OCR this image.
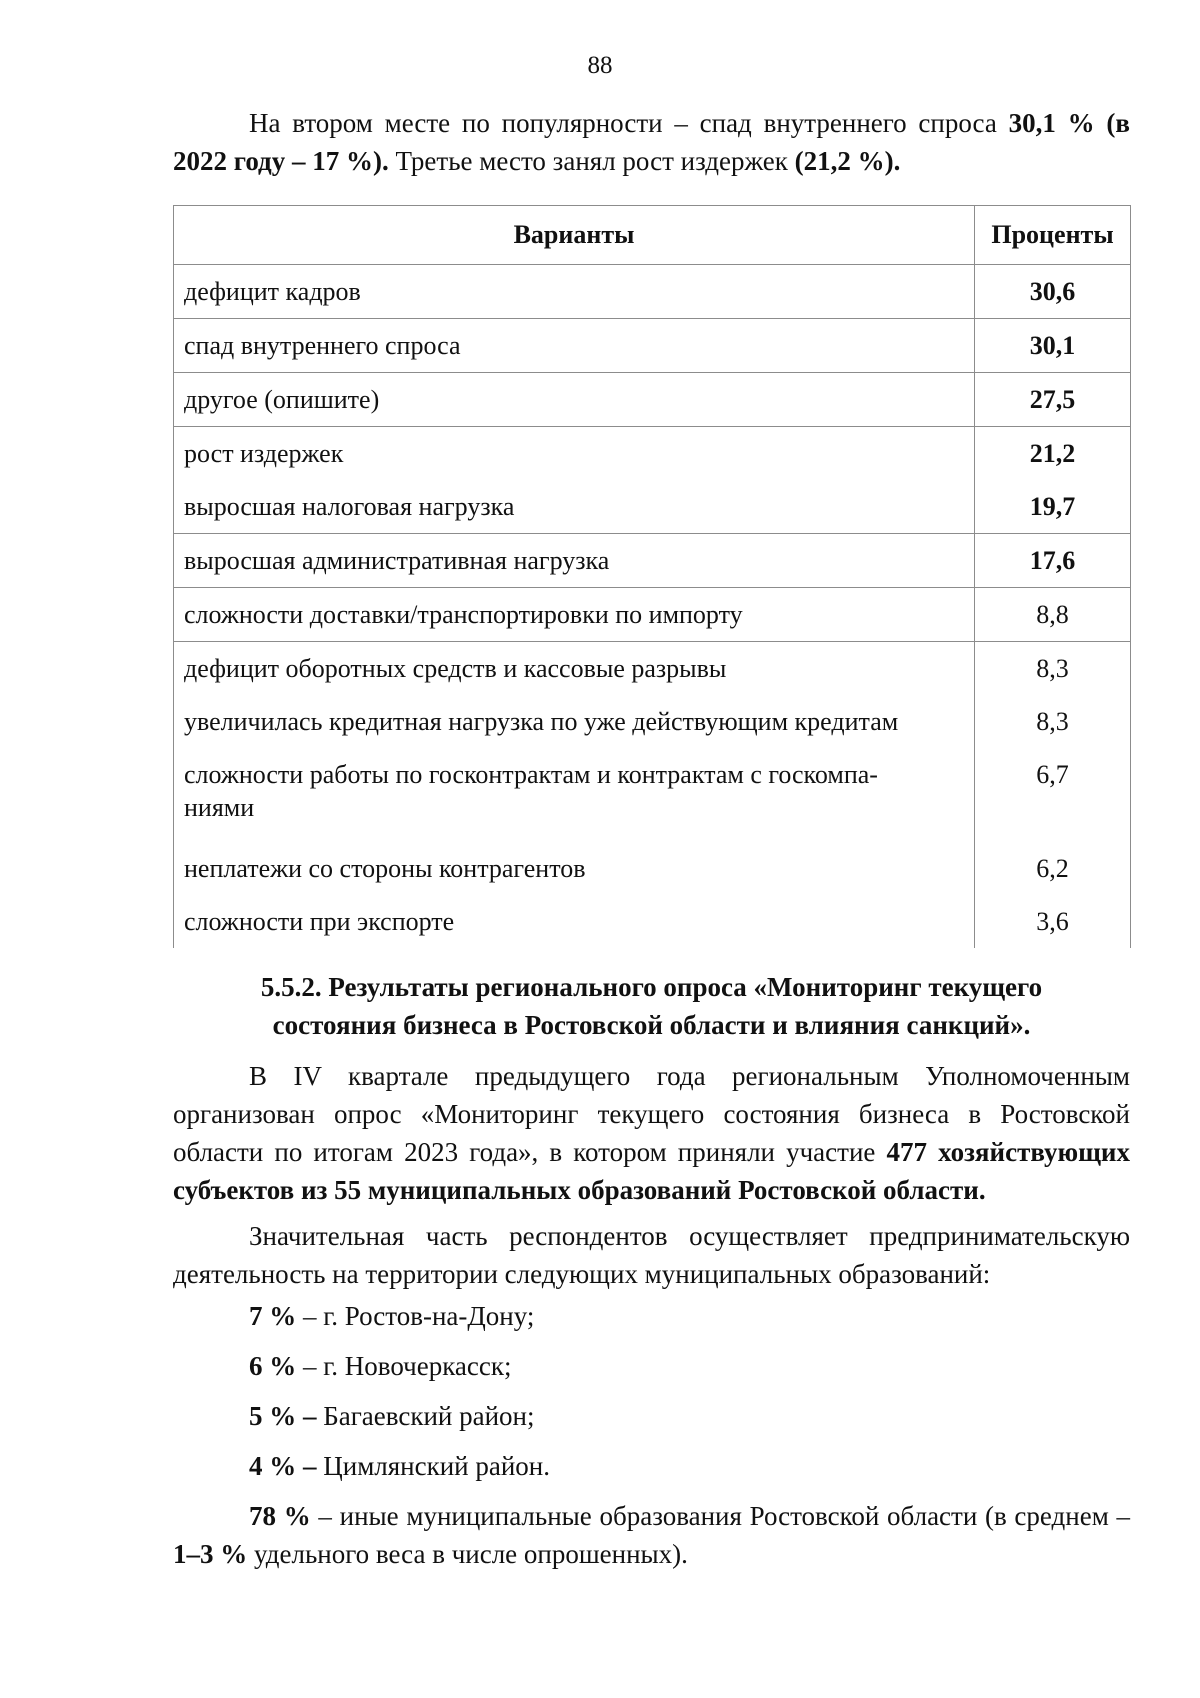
88

На втором месте по популярности – спад внутреннего спроса 30,1 % (в 2022 году – 17 %). Третье место занял рост издержек (21,2 %).

Варианты	Проценты
дефицит кадров	30,6
спад внутреннего спроса	30,1
другое (опишите)	27,5
рост издержек	21,2
выросшая налоговая нагрузка	19,7
выросшая административная нагрузка	17,6
сложности доставки/транспортировки по импорту	8,8
дефицит оборотных средств и кассовые разрывы	8,3
увеличилась кредитная нагрузка по уже действующим кредитам	8,3
сложности работы по госконтрактам и контрактам с госкомпа-ниями	6,7
неплатежи со стороны контрагентов	6,2
сложности при экспорте	3,6
5.5.2. Результаты регионального опроса «Мониторинг текущего
состояния бизнеса в Ростовской области и влияния санкций».

В IV квартале предыдущего года региональным Уполномоченным организован опрос «Мониторинг текущего состояния бизнеса в Ростовской области по итогам 2023 года», в котором приняли участие 477 хозяйствующих субъектов из 55 муниципальных образований Ростовской области.

Значительная часть респондентов осуществляет предпринимательскую деятельность на территории следующих муниципальных образований:

7 % – г. Ростов-на-Дону;
6 % – г. Новочеркасск;
5 % – Багаевский район;
4 % – Цимлянский район.

78 % – иные муниципальные образования Ростовской области (в среднем – 1–3 % удельного веса в числе опрошенных).
